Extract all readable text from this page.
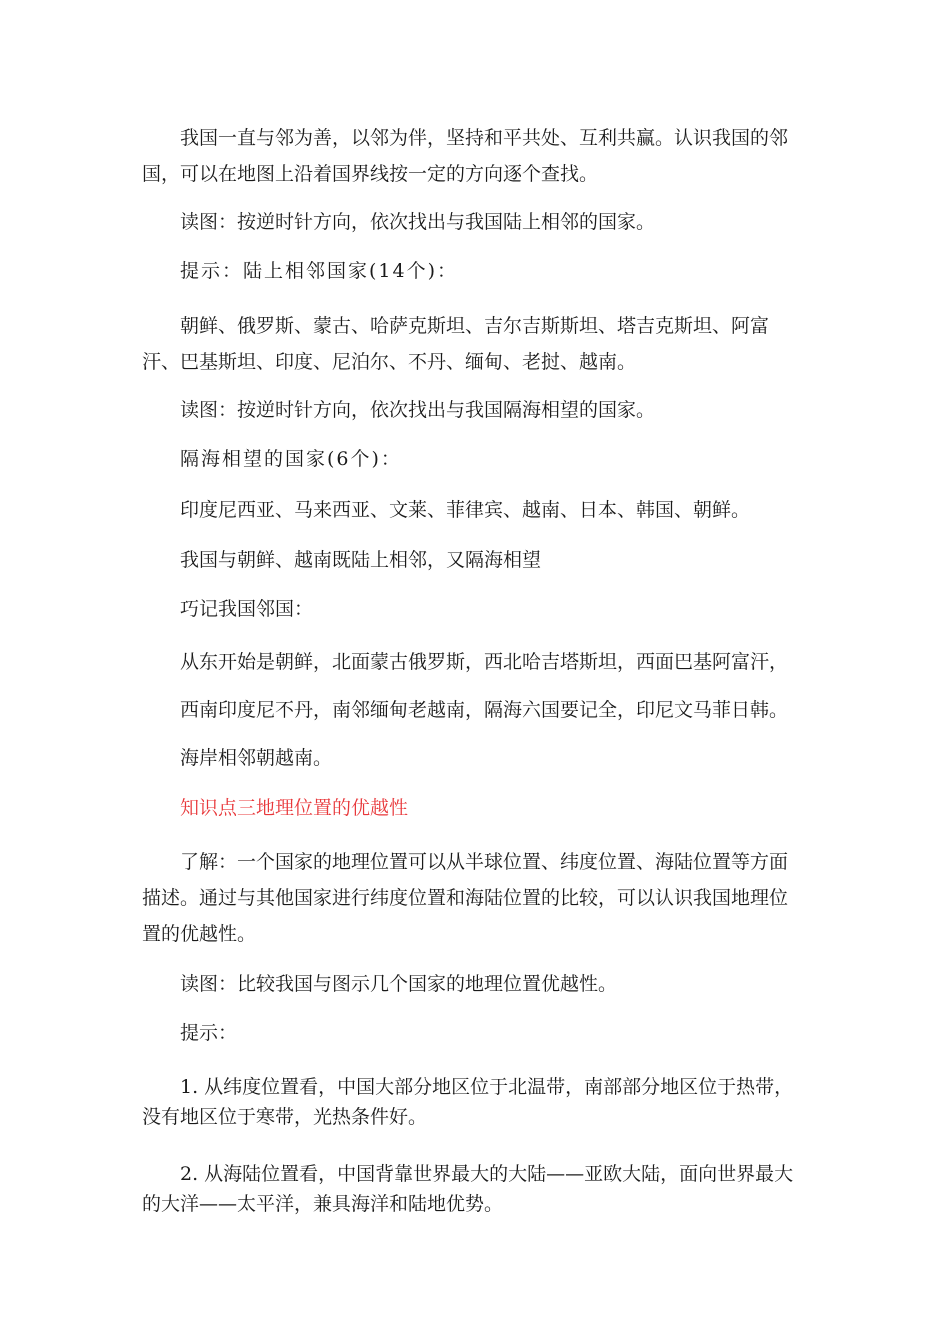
我国一直与邻为善，以邻为伴，坚持和平共处、互利共赢。认识我国的邻
国，可以在地图上沿着国界线按一定的方向逐个查找。
读图：按逆时针方向，依次找出与我国陆上相邻的国家。
提示：陆上相邻国家(14个)：
朝鲜、俄罗斯、蒙古、哈萨克斯坦、吉尔吉斯斯坦、塔吉克斯坦、阿富
汗、巴基斯坦、印度、尼泊尔、不丹、缅甸、老挝、越南。
读图：按逆时针方向，依次找出与我国隔海相望的国家。
隔海相望的国家(6个)：
印度尼西亚、马来西亚、文莱、菲律宾、越南、日本、韩国、朝鲜。
我国与朝鲜、越南既陆上相邻，又隔海相望
巧记我国邻国：
从东开始是朝鲜，北面蒙古俄罗斯，西北哈吉塔斯坦，西面巴基阿富汗，
西南印度尼不丹，南邻缅甸老越南，隔海六国要记全，印尼文马菲日韩。
海岸相邻朝越南。
知识点三地理位置的优越性
了解：一个国家的地理位置可以从半球位置、纬度位置、海陆位置等方面
描述。通过与其他国家进行纬度位置和海陆位置的比较，可以认识我国地理位
置的优越性。
读图：比较我国与图示几个国家的地理位置优越性。
提示：
1. 从纬度位置看，中国大部分地区位于北温带，南部部分地区位于热带，
没有地区位于寒带，光热条件好。
2. 从海陆位置看，中国背靠世界最大的大陆——亚欧大陆，面向世界最大
的大洋——太平洋，兼具海洋和陆地优势。
